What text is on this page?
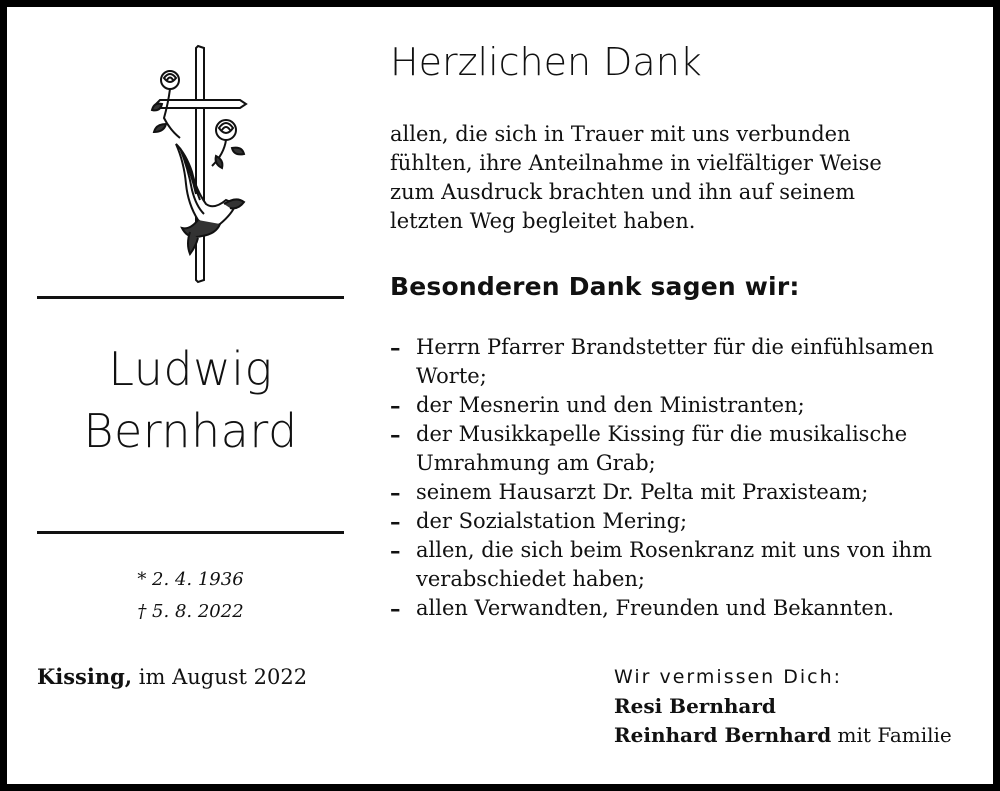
Ludwig
Bernhard
* 2. 4. 1936
† 5. 8. 2022
Kissing, im August 2022
Herzlichen Dank
allen, die sich in Trauer mit uns verbunden
fühlten, ihre Anteilnahme in vielfältiger Weise
zum Ausdruck brachten und ihn auf seinem
letzten Weg begleitet haben.
Besonderen Dank sagen wir:
– Herrn Pfarrer Brandstetter für die einfühlsamen Worte;
– der Mesnerin und den Ministranten;
– der Musikkapelle Kissing für die musikalische Umrahmung am Grab;
– seinem Hausarzt Dr. Pelta mit Praxisteam;
– der Sozialstation Mering;
– allen, die sich beim Rosenkranz mit uns von ihm verabschiedet haben;
– allen Verwandten, Freunden und Bekannten.
Wir vermissen Dich:
Resi Bernhard
Reinhard Bernhard mit Familie
